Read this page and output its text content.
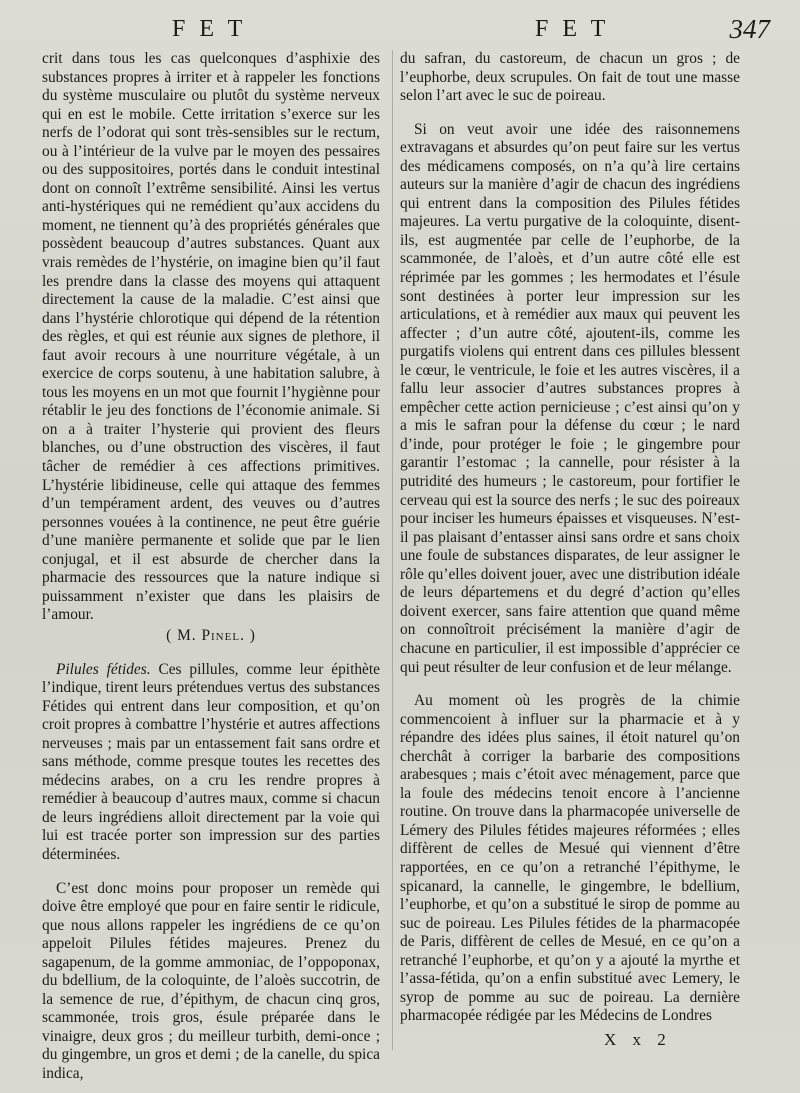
F E T	F E T	347

crit dans tous les cas quelconques d’asphixie des substances propres à irriter et à rappeler les fonctions du système musculaire ou plutôt du système nerveux qui en est le mobile. Cette irritation s’exerce sur les nerfs de l’odorat qui sont très-sensibles sur le rectum, ou à l’intérieur de la vulve par le moyen des pessaires ou des suppositoires, portés dans le conduit intestinal dont on connoît l’extrême sensibilité. Ainsi les vertus anti-hystériques qui ne remédient qu’aux accidens du moment, ne tiennent qu’à des propriétés générales que possèdent beaucoup d’autres substances. Quant aux vrais remèdes de l’hystérie, on imagine bien qu’il faut les prendre dans la classe des moyens qui attaquent directement la cause de la maladie. C’est ainsi que dans l’hystérie chlorotique qui dépend de la rétention des règles, et qui est réunie aux signes de plethore, il faut avoir recours à une nourriture végétale, à un exercice de corps soutenu, à une habitation salubre, à tous les moyens en un mot que fournit l’hygiènne pour rétablir le jeu des fonctions de l’économie animale. Si on a à traiter l’hysterie qui provient des fleurs blanches, ou d’une obstruction des viscères, il faut tâcher de remédier à ces affections primitives. L’hystérie libidineuse, celle qui attaque des femmes d’un tempérament ardent, des veuves ou d’autres personnes vouées à la continence, ne peut être guérie d’une manière permanente et solide que par le lien conjugal, et il est absurde de chercher dans la pharmacie des ressources que la nature indique si puissamment n’exister que dans les plaisirs de l’amour.

( M. Pinel. )

Pilules fétides. Ces pillules, comme leur épithète l’indique, tirent leurs prétendues vertus des substances Fétides qui entrent dans leur composition, et qu’on croit propres à combattre l’hystérie et autres affections nerveuses ; mais par un entassement fait sans ordre et sans méthode, comme presque toutes les recettes des médecins arabes, on a cru les rendre propres à remédier à beaucoup d’autres maux, comme si chacun de leurs ingrédiens alloit directement par la voie qui lui est tracée porter son impression sur des parties déterminées.

C’est donc moins pour proposer un remède qui doive être employé que pour en faire sentir le ridicule, que nous allons rappeler les ingrédiens de ce qu’on appeloit Pilules fétides majeures. Prenez du sagapenum, de la gomme ammoniac, de l’oppoponax, du bdellium, de la coloquinte, de l’aloès succotrin, de la semence de rue, d’épithym, de chacun cinq gros, scammonée, trois gros, ésule préparée dans le vinaigre, deux gros ; du meilleur turbith, demi-once ; du gingembre, un gros et demi ; de la canelle, du spica indica,

du safran, du castoreum, de chacun un gros ; de l’euphorbe, deux scrupules. On fait de tout une masse selon l’art avec le suc de poireau.

Si on veut avoir une idée des raisonnemens extravagans et absurdes qu’on peut faire sur les vertus des médicamens composés, on n’a qu’à lire certains auteurs sur la manière d’agir de chacun des ingrédiens qui entrent dans la composition des Pilules fétides majeures. La vertu purgative de la coloquinte, disent-ils, est augmentée par celle de l’euphorbe, de la scammonée, de l’aloès, et d’un autre côté elle est réprimée par les gommes ; les hermodates et l’ésule sont destinées à porter leur impression sur les articulations, et à remédier aux maux qui peuvent les affecter ; d’un autre côté, ajoutent-ils, comme les purgatifs violens qui entrent dans ces pillules blessent le cœur, le ventricule, le foie et les autres viscères, il a fallu leur associer d’autres substances propres à empêcher cette action pernicieuse ; c’est ainsi qu’on y a mis le safran pour la défense du cœur ; le nard d’inde, pour protéger le foie ; le gingembre pour garantir l’estomac ; la cannelle, pour résister à la putridité des humeurs ; le castoreum, pour fortifier le cerveau qui est la source des nerfs ; le suc des poireaux pour inciser les humeurs épaisses et visqueuses. N’est-il pas plaisant d’entasser ainsi sans ordre et sans choix une foule de substances disparates, de leur assigner le rôle qu’elles doivent jouer, avec une distribution idéale de leurs départemens et du degré d’action qu’elles doivent exercer, sans faire attention que quand même on connoîtroit précisément la manière d’agir de chacune en particulier, il est impossible d’apprécier ce qui peut résulter de leur confusion et de leur mélange.

Au moment où les progrès de la chimie commencoient à influer sur la pharmacie et à y répandre des idées plus saines, il étoit naturel qu’on cherchât à corriger la barbarie des compositions arabesques ; mais c’étoit avec ménagement, parce que la foule des médecins tenoit encore à l’ancienne routine. On trouve dans la pharmacopée universelle de Lémery des Pilules fétides majeures réformées ; elles diffèrent de celles de Mesué qui viennent d’être rapportées, en ce qu’on a retranché l’épithyme, le spicanard, la cannelle, le gingembre, le bdellium, l’euphorbe, et qu’on a substitué le sirop de pomme au suc de poireau. Les Pilules fétides de la pharmacopée de Paris, diffèrent de celles de Mesué, en ce qu’on a retranché l’euphorbe, et qu’on y a ajouté la myrthe et l’assa-fétida, qu’on a enfin substitué avec Lemery, le syrop de pomme au suc de poireau. La dernière pharmacopée rédigée par les Médecins de Londres

X x 2
